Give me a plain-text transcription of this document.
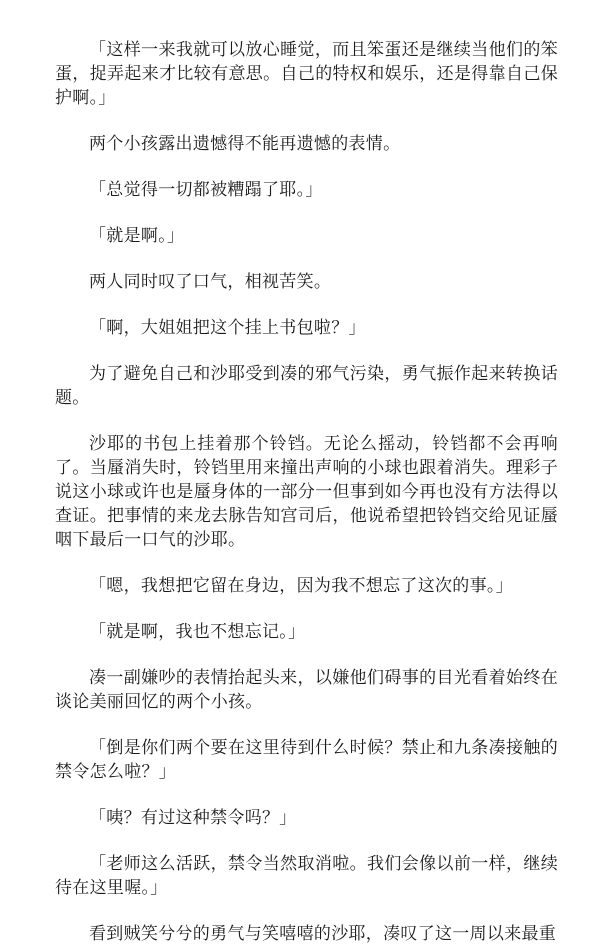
「这样一来我就可以放心睡觉，而且笨蛋还是继续当他们的笨蛋，捉弄起来才比较有意思。自己的特权和娱乐，还是得靠自己保护啊。」

两个小孩露出遗憾得不能再遗憾的表情。

「总觉得一切都被糟蹋了耶。」

「就是啊。」

两人同时叹了口气，相视苦笑。

「啊，大姐姐把这个挂上书包啦？」

为了避免自己和沙耶受到凑的邪气污染，勇气振作起来转换话题。

沙耶的书包上挂着那个铃铛。无论么摇动，铃铛都不会再响了。当蜃消失时，铃铛里用来撞出声响的小球也跟着消失。理彩子说这小球或许也是蜃身体的一部分一但事到如今再也没有方法得以查证。把事情的来龙去脉告知宫司后，他说希望把铃铛交给见证蜃咽下最后一口气的沙耶。

「嗯，我想把它留在身边，因为我不想忘了这次的事。」

「就是啊，我也不想忘记。」

凑一副嫌吵的表情抬起头来，以嫌他们碍事的目光看着始终在谈论美丽回忆的两个小孩。

「倒是你们两个要在这里待到什么时候？禁止和九条凑接触的禁令怎么啦？」

「咦？有过这种禁令吗？」

「老师这么活跃，禁令当然取消啦。我们会像以前一样，继续待在这里喔。」

看到贼笑兮兮的勇气与笑嘻嘻的沙耶，凑叹了这一周以来最重
